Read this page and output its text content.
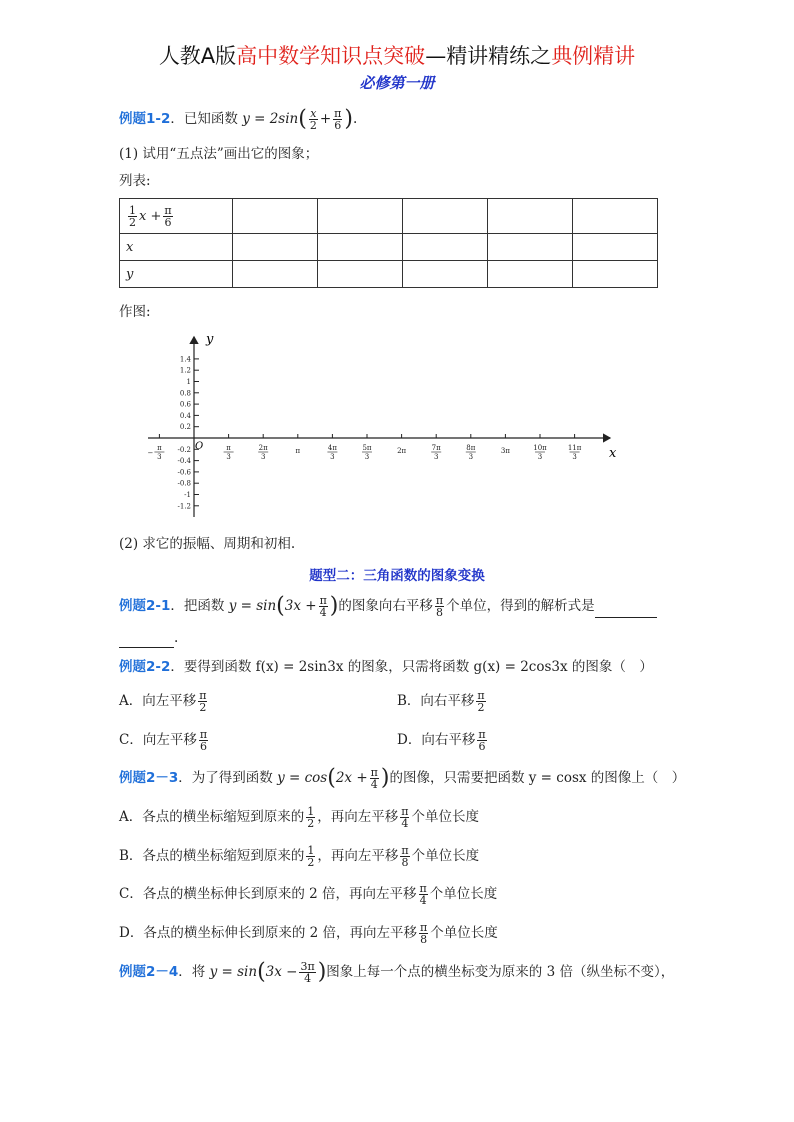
人教A版高中数学知识点突破—精讲精练之典例精讲
必修第一册
例题1-2．已知函数 $y = 2\sin( \frac{x}{2} + \frac{\pi}{6}$ ).
(1) 试用“五点法”画出它的图象；
列表:
$\frac{1}{2}$ $x + \frac{\pi}{6}$

x					
y					
作图:
y
x
O
1.4
1.2
1
0.8
0.6
0.4
0.2
-0.2
-0.4
-0.6
-0.8
-1
-1.2
π
3
−
π
3
2π
3
π	4π
3
5π
3
2π	7π
3
8π
3
3π	10π
3
11π
3
(2) 求它的振幅、周期和初相.
题型二：三角函数的图象变换
例题2-1．把函数 $y = \sin(3x + \frac{\pi}{4}$ )的图象向右平移 $\frac{\pi}{8}$ 个单位，得到的解析式是
.
例题2-2．要得到函数 f(x) = 2sin3x 的图象，只需将函数 g(x) = 2cos3x 的图象（　）
A．向左平移 $\frac{\pi}{2}$	B．向右平移 $\frac{\pi}{2}$
C．向左平移 $\frac{\pi}{6}$	D．向右平移 $\frac{\pi}{6}$
例题2－3．为了得到函数 $y = \cos(2x + \frac{\pi}{4}$ )的图像，只需要把函数 y = cosx 的图像上（　）
A．各点的横坐标缩短到原来的 $\frac{1}{2}$ ，再向左平移 $\frac{\pi}{4}$ 个单位长度
B．各点的横坐标缩短到原来的 $\frac{1}{2}$ ，再向左平移 $\frac{\pi}{8}$ 个单位长度
C．各点的横坐标伸长到原来的 2 倍，再向左平移 $\frac{\pi}{4}$ 个单位长度
D．各点的横坐标伸长到原来的 2 倍，再向左平移 $\frac{\pi}{8}$ 个单位长度
例题2－4．将 $y = \sin(3x - \frac{3\pi}{4}$ )图象上每一个点的横坐标变为原来的 3 倍（纵坐标不变），
